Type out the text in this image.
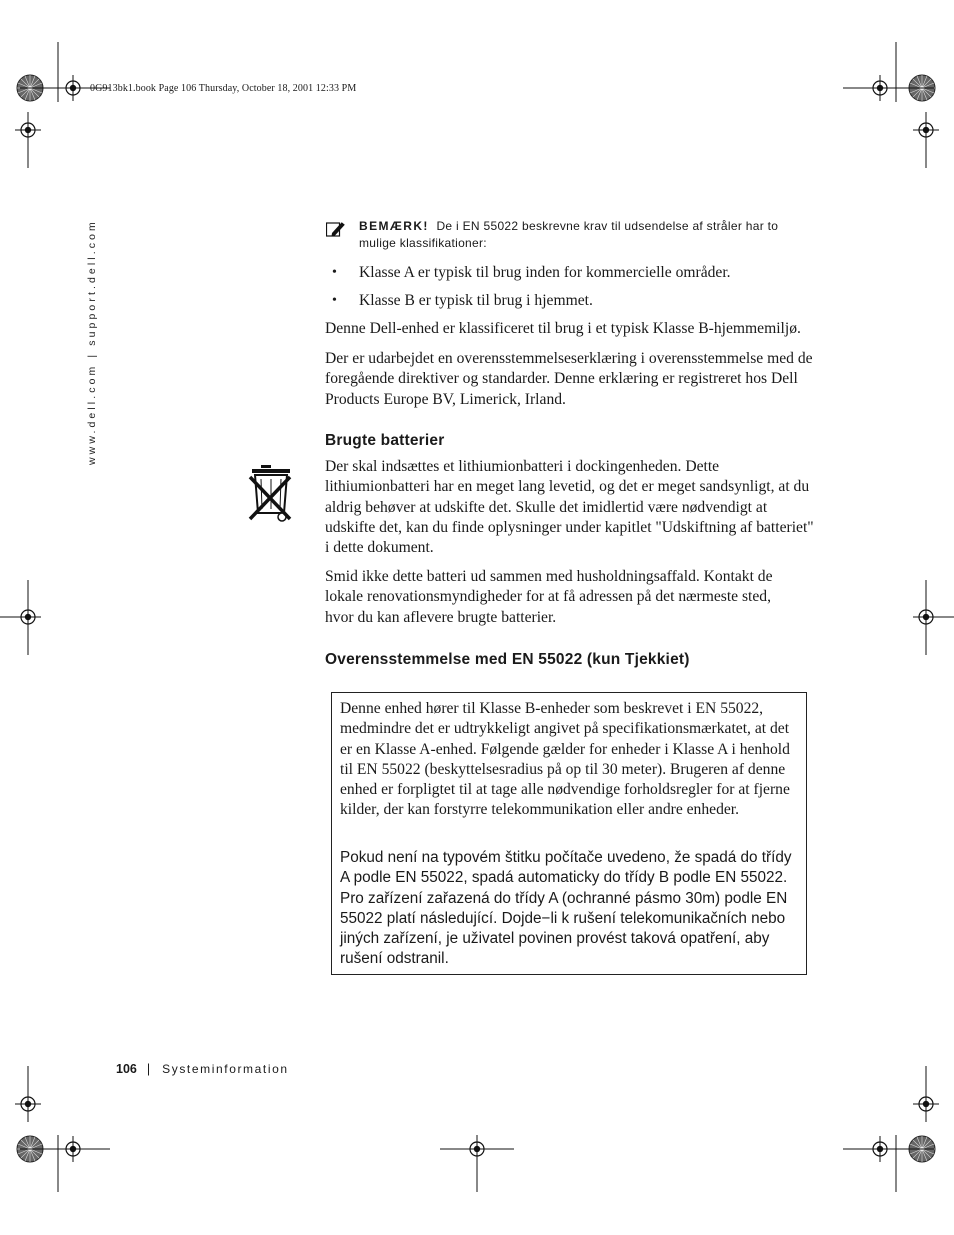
0G913bk1.book Page 106 Thursday, October 18, 2001 12:33 PM
www.dell.com | support.dell.com	BEMÆRK! De i EN 55022 beskrevne krav til udsendelse af stråler har to mulige klassifikationer:
• Klasse A er typisk til brug inden for kommercielle områder.
• Klasse B er typisk til brug i hjemmet.
Denne Dell-enhed er klassificeret til brug i et typisk Klasse B-hjemmemiljø.
Der er udarbejdet en overensstemmelseserklæring i overensstemmelse med de foregående direktiver og standarder. Denne erklæring er registreret hos Dell Products Europe BV, Limerick, Irland.
Brugte batterier
Der skal indsættes et lithiumionbatteri i dockingenheden. Dette lithiumionbatteri har en meget lang levetid, og det er meget sandsynligt, at du aldrig behøver at udskifte det. Skulle det imidlertid være nødvendigt at udskifte det, kan du finde oplysninger under kapitlet "Udskiftning af batteriet" i dette dokument.
Smid ikke dette batteri ud sammen med husholdningsaffald. Kontakt de lokale renovationsmyndigheder for at få adressen på det nærmeste sted, hvor du kan aflevere brugte batterier.
Overensstemmelse med EN 55022 (kun Tjekkiet)
Denne enhed hører til Klasse B-enheder som beskrevet i EN 55022, medmindre det er udtrykkeligt angivet på specifikationsmærkatet, at det er en Klasse A-enhed. Følgende gælder for enheder i Klasse A i henhold til EN 55022 (beskyttelsesradius på op til 30 meter). Brugeren af denne enhed er forpligtet til at tage alle nødvendige forholdsregler for at fjerne kilder, der kan forstyrre telekommunikation eller andre enheder.
Pokud není na typovém štitku počítače uvedeno, že spadá do třídy A podle EN 55022, spadá automaticky do třídy B podle EN 55022. Pro zařízení zařazená do třídy A (ochranné pásmo 30m) podle EN 55022 platí následující. Dojde−li k rušení telekomunikačních nebo jiných zařízení, je uživatel povinen provést taková opatření, aby rušení odstranil.
106 | Systeminformation
